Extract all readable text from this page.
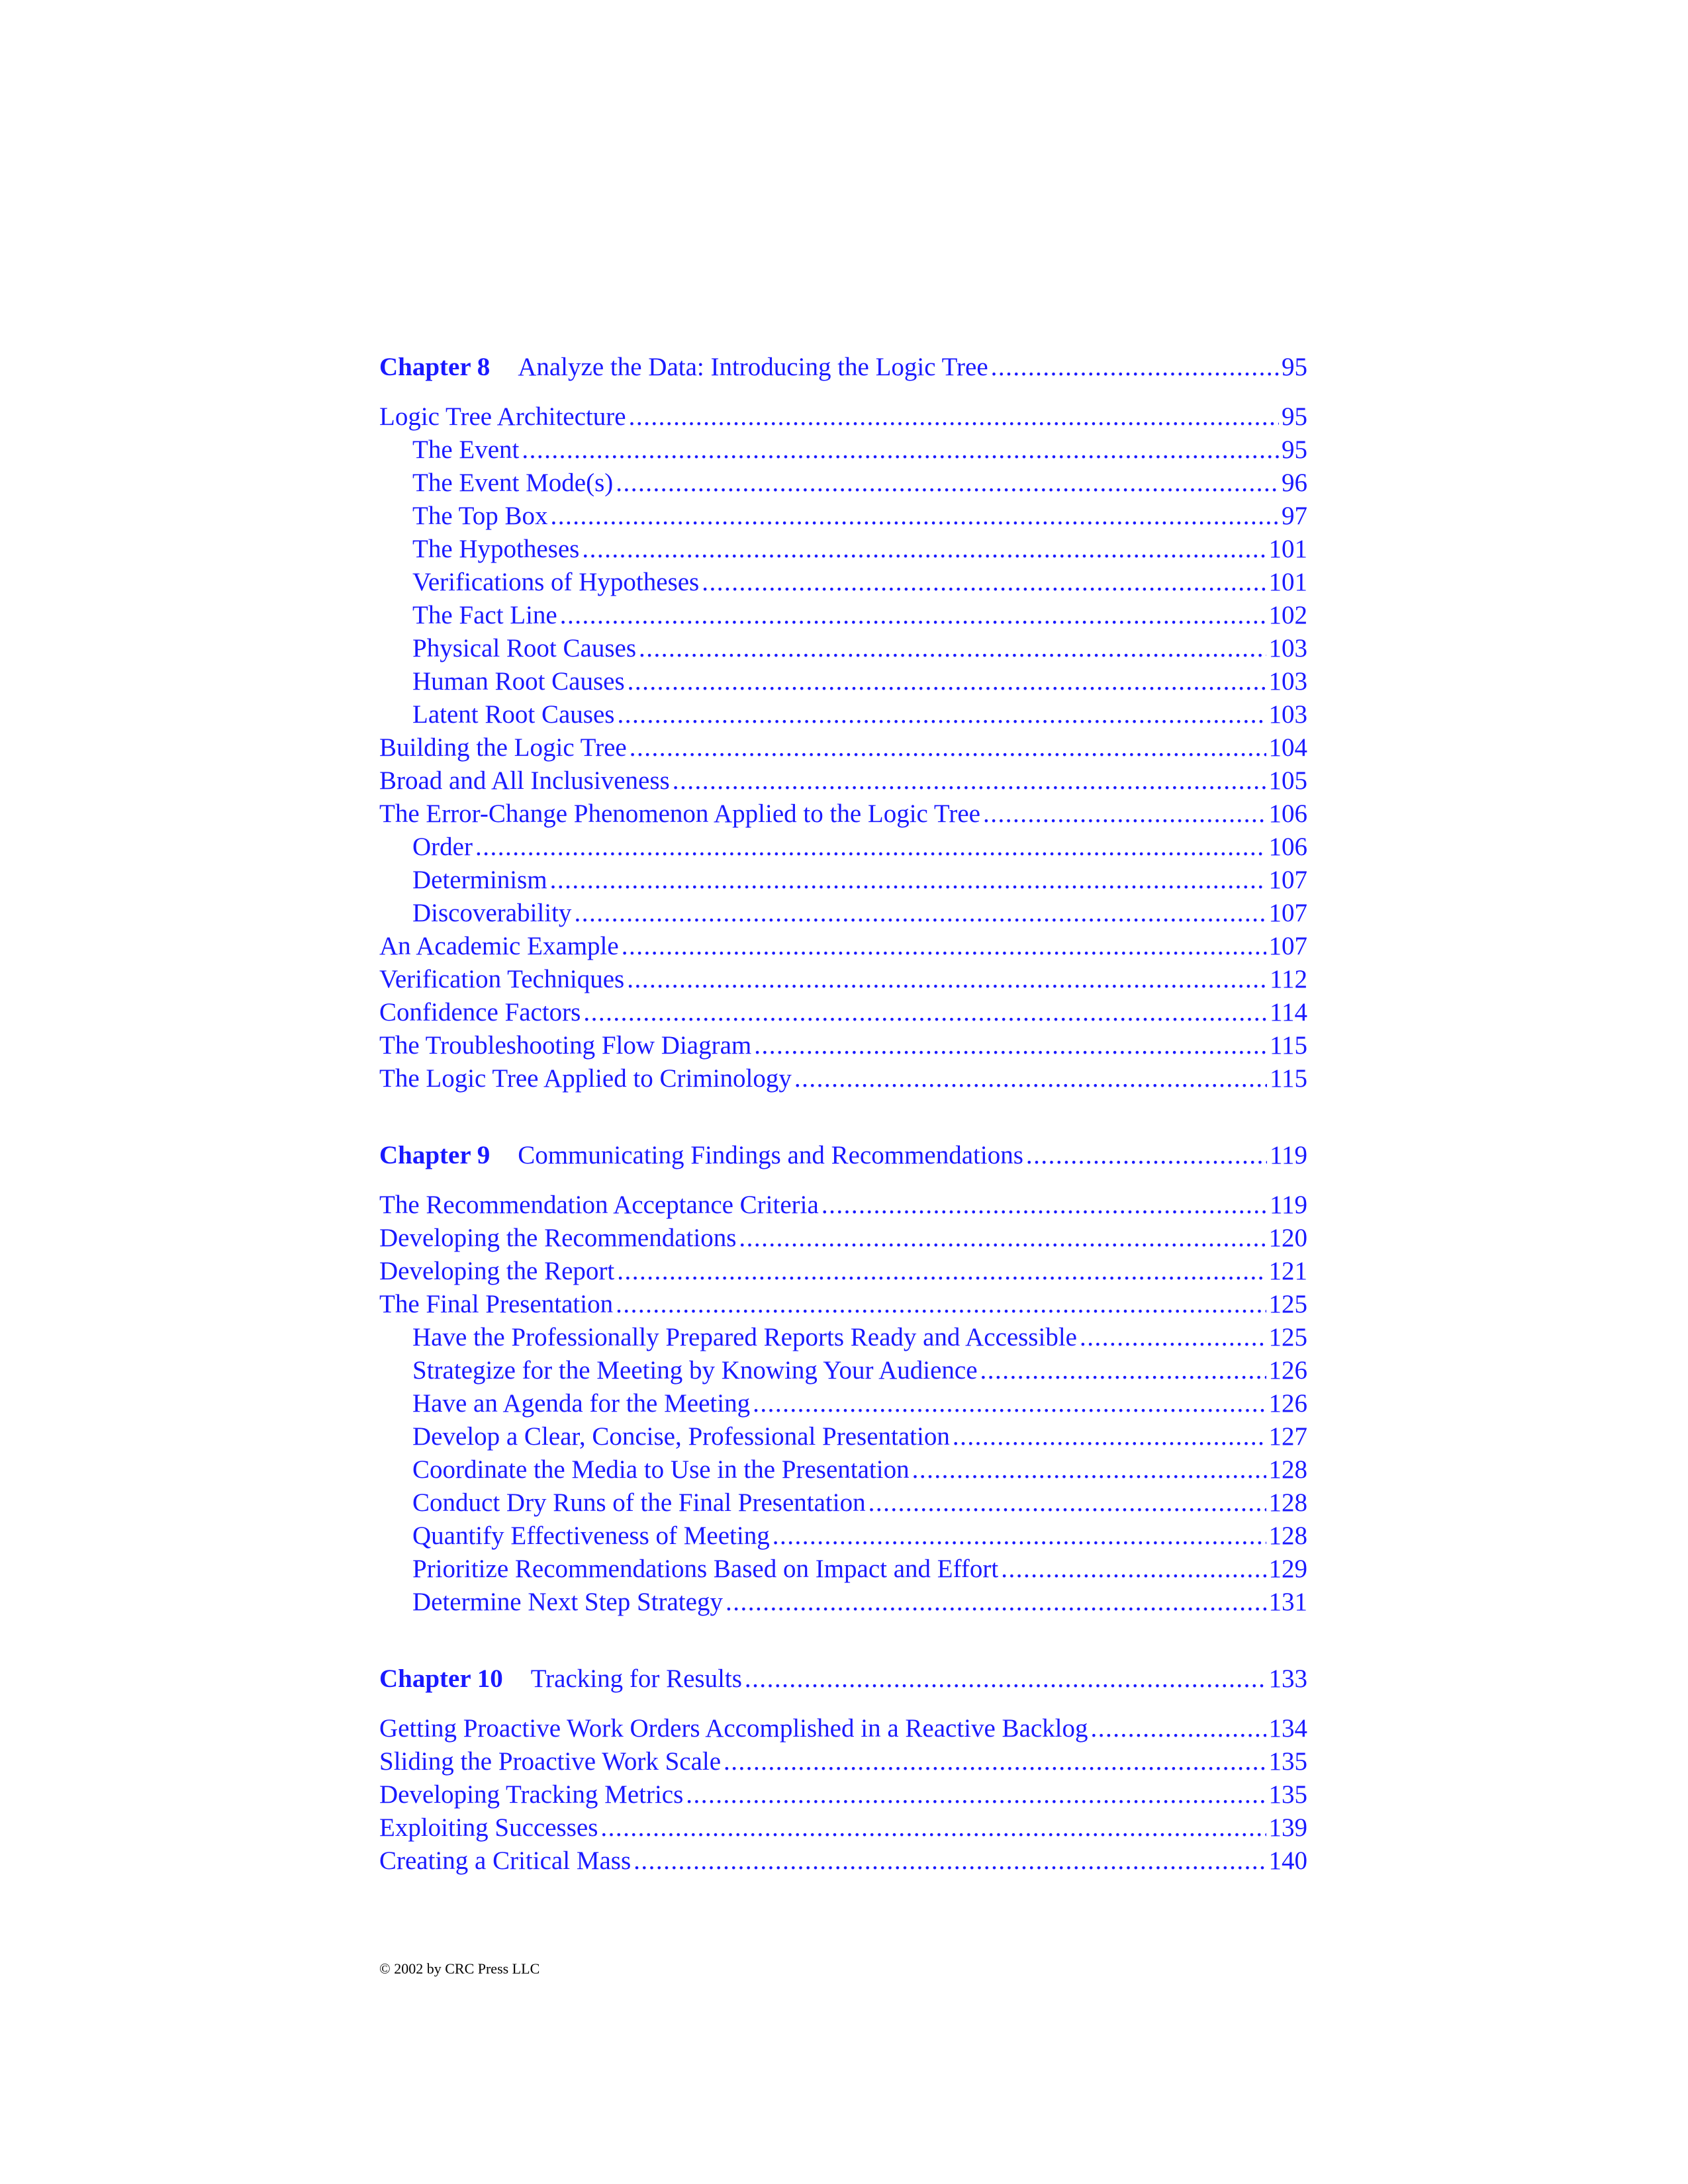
Chapter 8 Analyze the Data: Introducing the Logic Tree .....	95
Logic Tree Architecture .....	95
The Event .....	95
The Event Mode(s) .....	96
The Top Box .....	97
The Hypotheses .....	101
Verifications of Hypotheses .....	101
The Fact Line .....	102
Physical Root Causes .....	103
Human Root Causes .....	103
Latent Root Causes .....	103
Building the Logic Tree .....	104
Broad and All Inclusiveness .....	105
The Error-Change Phenomenon Applied to the Logic Tree .....	106
Order .....	106
Determinism .....	107
Discoverability .....	107
An Academic Example .....	107
Verification Techniques .....	112
Confidence Factors .....	114
The Troubleshooting Flow Diagram .....	115
The Logic Tree Applied to Criminology .....	115
Chapter 9 Communicating Findings and Recommendations .....	119
The Recommendation Acceptance Criteria .....	119
Developing the Recommendations .....	120
Developing the Report .....	121
The Final Presentation .....	125
Have the Professionally Prepared Reports Ready and Accessible .....	125
Strategize for the Meeting by Knowing Your Audience .....	126
Have an Agenda for the Meeting .....	126
Develop a Clear, Concise, Professional Presentation .....	127
Coordinate the Media to Use in the Presentation .....	128
Conduct Dry Runs of the Final Presentation .....	128
Quantify Effectiveness of Meeting .....	128
Prioritize Recommendations Based on Impact and Effort .....	129
Determine Next Step Strategy .....	131
Chapter 10 Tracking for Results .....	133
Getting Proactive Work Orders Accomplished in a Reactive Backlog .....	134
Sliding the Proactive Work Scale .....	135
Developing Tracking Metrics .....	135
Exploiting Successes .....	139
Creating a Critical Mass .....	140
© 2002 by CRC Press LLC
